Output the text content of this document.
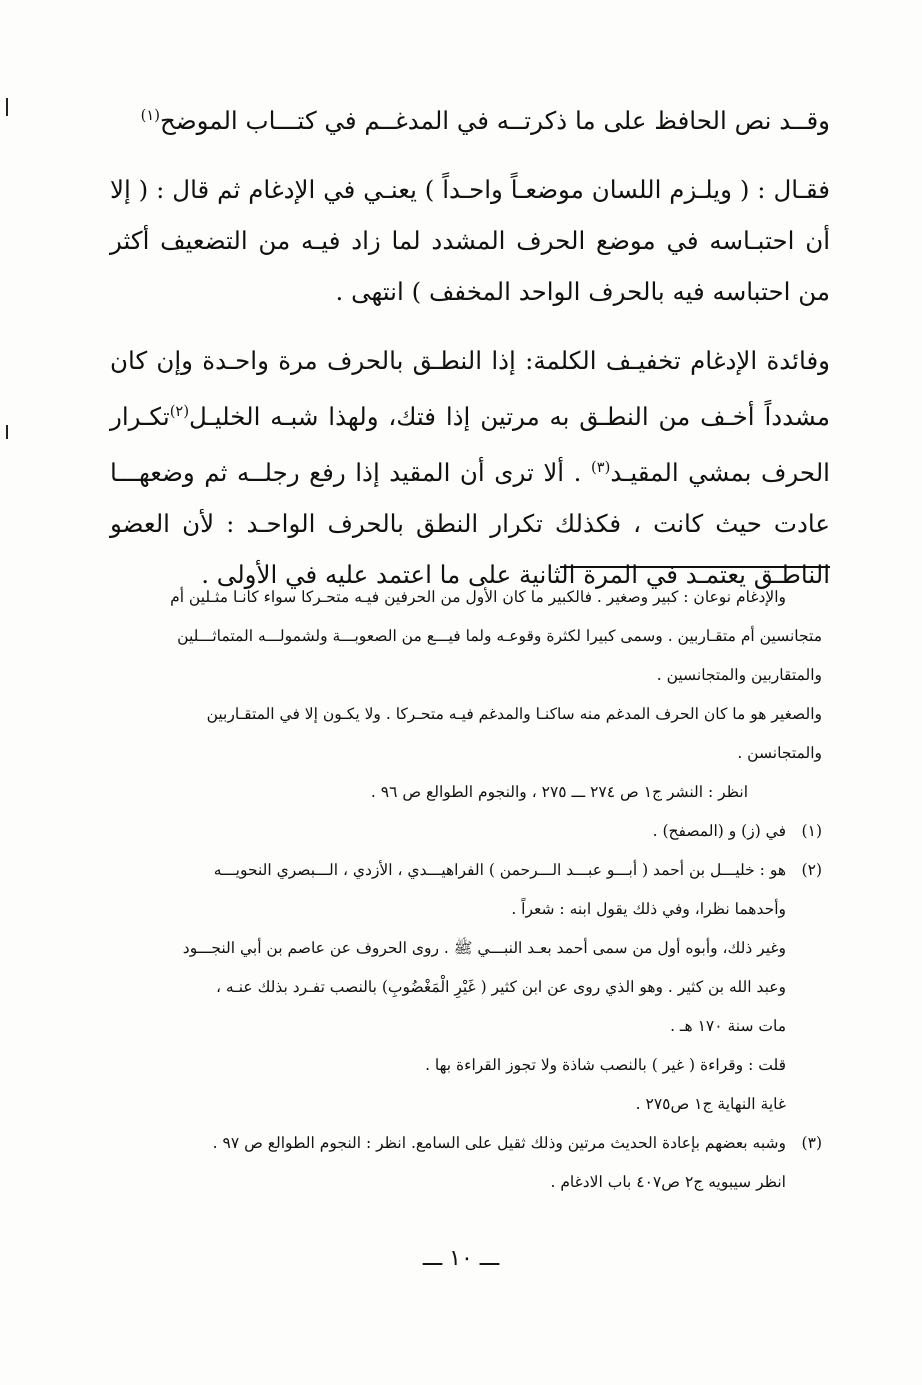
وقــد نص الحافظ على ما ذكرتــه في المدغــم في كتـــاب الموضح$^{(١)}$

فقـال : ( ويلـزم اللسان موضعـاً واحـداً ) يعنـي في الإدغام ثم قال : ( إلا أن احتبـاسه في موضع الحرف المشدد لما زاد فيـه من التضعيف أكثر من احتباسه فيه بالحرف الواحد المخفف ) انتهى .

وفائدة الإدغام تخفيـف الكلمة: إذا النطـق بالحرف مرة واحـدة وإن كان مشدداً أخـف من النطـق به مرتين إذا فتك، ولهذا شبـه الخليـل$^{(٢)}$تكـرار الحرف بمشي المقيـد$^{(٣)}$ . ألا ترى أن المقيد إذا رفع رجلــه ثم وضعهـــا عادت حيث كانت ، فكذلك تكرار النطق بالحرف الواحـد : لأن العضو الناطـق يعتمـد في المرة الثانية على ما اعتمد عليه في الأولى .

والإدغام نوعان : كبير وصغير . فالكبير ما كان الأول من الحرفين فيـه متحـركا سواء كانـا مثـلين أم
متجانسين أم متقـاربين . وسمى كبيرا لكثرة وقوعـه ولما فيـــع من الصعوبـــة ولشمولـــه المتماثـــلين
والمتقاربين والمتجانسين .
والصغير هو ما كان الحرف المدغم منه ساكنـا والمدغم فيـه متحـركا . ولا يكـون إلا في المتقـاربين
والمتجانسن .
انظر : النشر ج١ ص ٢٧٤ ـــ ٢٧٥ ، والنجوم الطوالع ص ٩٦ .
(١)في (ز) و (المصفح) .
(٢)هو : خليـــل بن أحمد ( أبـــو عبـــد الـــرحمن ) الفراهيـــدي ، الأزدي ، الـــبصري النحويـــه
وأحدهما نظرا، وفي ذلك يقول ابنه : شعراً .
وغير ذلك، وأبوه أول من سمى أحمد بعـد النبـــي ﷺ . روى الحروف عن عاصم بن أبي النجـــود
وعبد الله بن كثير . وهو الذي روى عن ابن كثير ( غَيْرِ الْمَغْضُوبِ) بالنصب تفـرد بذلك عنـه ،
مات سنة ١٧٠ هـ .
قلت : وقراءة ( غير ) بالنصب شاذة ولا تجوز القراءة بها .
غاية النهاية ج١ ص٢٧٥ .
(٣)وشبه بعضهم بإعادة الحديث مرتين وذلك ثقيل على السامع. انظر : النجوم الطوالع ص ٩٧ .
انظر سيبويه ج٢ ص٤٠٧ باب الادغام .
ـــ ١٠ ـــ
